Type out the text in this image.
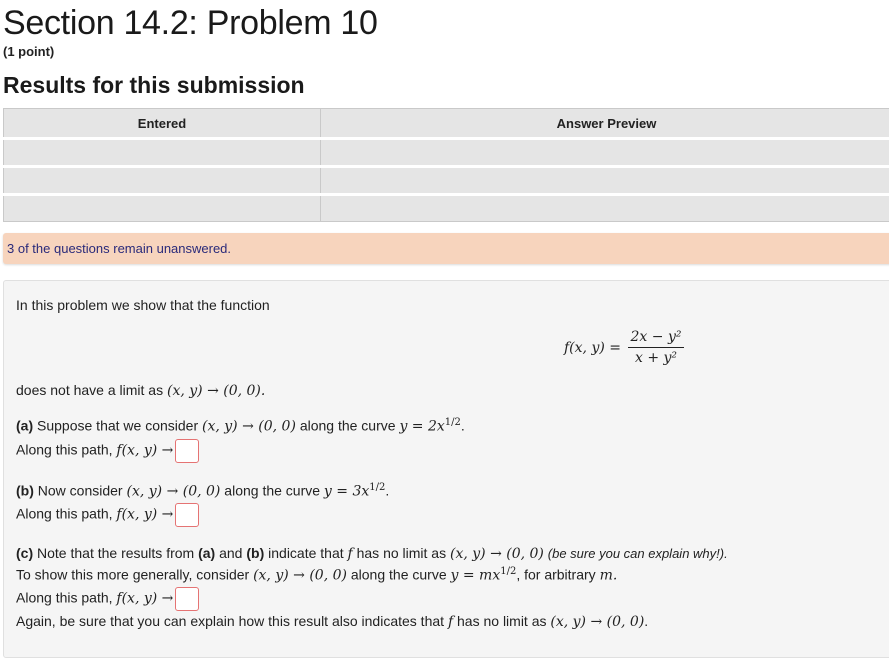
Section 14.2: Problem 10
(1 point)
Results for this submission
Entered	Answer Preview

3 of the questions remain unanswered.
In this problem we show that the function
f(x, $y) = \frac{\text{2x − y²}}{\text{x + y²}}$
does not have a limit as (x, y) → (0, 0).
(a) Suppose that we consider (x, y) → (0, 0) along the curve $y = 2x^{1/2}$.
Along this path, f(x, y) →
(b) Now consider (x, y) → (0, 0) along the curve $y = 3x^{1/2}$.
Along this path, f(x, y) →
(c) Note that the results from (a) and (b) indicate that f has no limit as (x, y) → (0, 0) (be sure you can explain why!).
To show this more generally, consider (x, y) → (0, 0) along the curve $y = mx^{1/2}$, for arbitrary m.
Along this path, f(x, y) →
Again, be sure that you can explain how this result also indicates that f has no limit as (x, y) → (0, 0).
